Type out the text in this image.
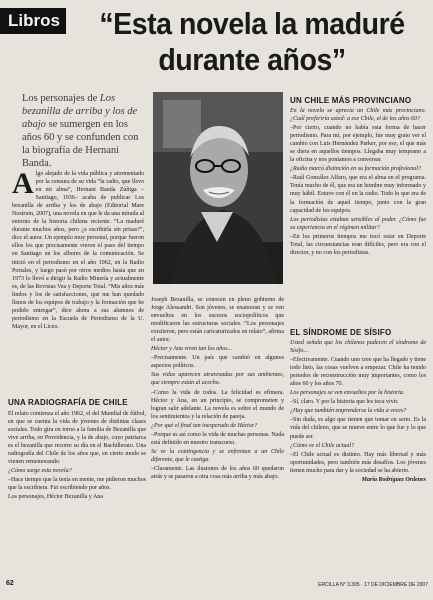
Libros “Esta novela la maduré durante años”
Los personajes de Los bezanilla de arriba y los de abajo se sumergen en los años 60 y se confunden con la biografía de Hernani Banda.

Algo alejado de la vida pública y atormentado por la censura de su vida “la radio, que llevo en mi alma”, Hernani Banda Zúñiga –Santiago, 1936– acaba de publicar Los bezanilla de arriba y los de abajo (Editorial Mare Nostrum, 2007), una novela en que le da una mirada al entorno de la historia chilena reciente. “La maduré durante muchos años, pero ¿a escribirla sin prisas?”, dice el autor. Un ejemplo muy personal, porque fueron ellos los que precisamente vieron el paso del tiempo en Santiago en los albores de la comunicación. Se inició en el periodismo en el año 1962, en la Radio Portales, y luego pasó por otros medios hasta que en 1973 lo llevó a dirigir la Radio Minería y actualmente es, de las Revistas Vea y Deporte Total. “Mis años más lindos y los de satisfacciones, que me han quedado llenos de los equipos de trabajo y la formación que he podido entregar”, dice ahora a sus alumnos de periodismo en la Escuela de Periodismo de la U. Mayor, en el Liceo.

UNA RADIOGRAFÍA DE CHILE

El relato comienza el año 1962, el del Mundial de fútbol, en que se cuenta la vida de jóvenes de distintas clases sociales. Todo gira en torno a la familia de Bezanilla que vive arriba, en Providencia, y la de abajo, cuyo patriarca es el bezanilla que recorre su día en el Bachillerato. Una radiografía del Chile de los años que, en cierto modo se vienen rememorando.

¿Cómo surge esta novela?

–Hace tiempo que la tenía en mente, me pidieron muchos que la escribiera. Fui escribiendo por años.

Los personajes, Héctor Bezanilla y Ana

Joseph Bezanilla, se conocen en pleno gobierno de Jorge Alessandri. Son jóvenes, se enamoran y se ven envueltos en los sucesos sociopolíticos que modificaron las estructuras sociales. “Los personajes existieron, pero están caricaturizados en relato”, afirma el autor.

Héctor y Ana viven tan los años...

–Precisamente. Un país que cambió en algunos aspectos políticos.

Sus vidas aparecen atravesadas por sus ambientes, que siempre están al acecho.

–Como la vida de todos. La felicidad es efímera. Héctor y Ana, en un principio, se comprometen y logran salir adelante. La novela es sobre el mundo de los sentimientos y la relación de pareja.

¿Por qué el final tan inesperado de Héctor?

–Porque es así como la vida de muchas personas. Nada está definido en nuestro transcurso.

Se ve la contingencia y se enfrentan a un Chile diferente, que le castiga.

–Claramente. Las ilusiones de los años 60 quedaron atrás y se pasaron a otra cosa más arriba y más abajo.

UN CHILE MÁS PROVINCIANO

En la novela se aprecia un Chile más provinciano. ¿Cuál preferiría usted: a ese Chile, el de los años 60?

–Por cierto, cuando no había esta forma de hacer periodismo. Para mí, por ejemplo, fue muy grato ver el cambio con Luis Hernández Parker, por eso, el que más se diera en aquellos tiempos. Llegaba muy temprano a la oficina y nos poníamos a conversar.

¿Radio marcó distinción en su formación profesional?

–Raúl González Alfaro, que era el alma en el programa. Tenía mucho de él, que era un hombre muy informado y muy hábil. Estuve con él en la radio. Todo lo que era de la formación de aquel tiempo, junto con la gran capacidad de los equipos.

Los periodistas estaban sensibles al poder. ¿Cómo fue su experiencia en el régimen militar?

–En los primeros tiempos me tocó estar en Deporte Total, las circunstancias eran difíciles, pero era con el director, y no con los periodistas.

EL SÍNDROME DE SÍSIFO

Usted señala que los chilenos padecen el síndrome de Sísifo...

–Efectivamente. Cuando uno cree que ha llegado y tiene todo listo, las cosas vuelven a empezar. Chile ha tenido periodos de reconstrucción muy importantes, como los años 60 y los años 70.

Los personajes se ven envueltos por la historia.

–Sí, claro. Y por la historia que les toca vivir.

¿Hay que también emprenderse la vida a veces?

–Sin duda, es algo que tienen que tomar en serio. Es la vida del chileno, que se mueve entre lo que fue y lo que puede ser.

¿Cómo ve el Chile actual?

–El Chile actual es distinto. Hay más libertad y más oportunidades, pero también más desafíos. Los jóvenes tienen mucho para dar y la sociedad se ha abierto.

María Rodríguez Ordenes

62	ERCILLA N° 3.305 · 17 DE DICIEMBRE DE 2007
